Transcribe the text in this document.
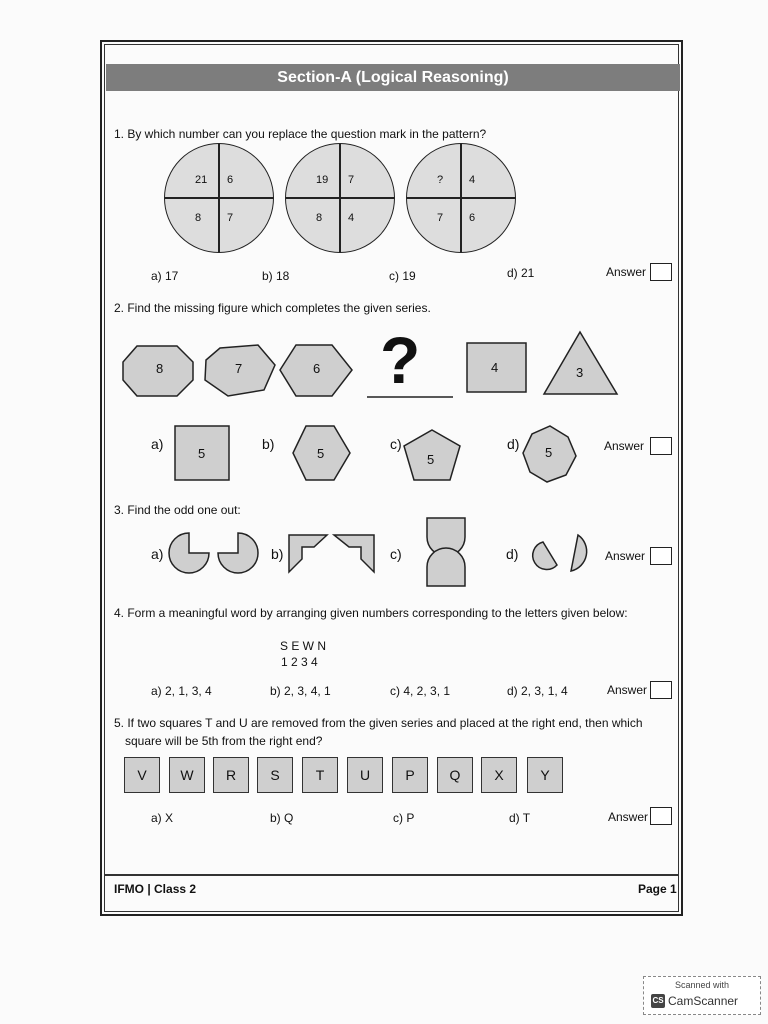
Section-A (Logical Reasoning)
1. By which number can you replace the question mark in the pattern?
21 6
8 7
19 7
8 4
? 4
7 6
a) 17	b) 18	c) 19	d) 21	Answer
2. Find the missing figure which completes the given series.
8	7	6 ?	4	3
a)	b)	c)	d)
5	5	5	5	Answer
3. Find the odd one out:
a)	b)	c)	d)	Answer
4. Form a meaningful word by arranging given numbers corresponding to the letters given below:
S E W N
1 2 3 4
a) 2, 1, 3, 4	b) 2, 3, 4, 1	c) 4, 2, 3, 1	d) 2, 3, 1, 4	Answer
5. If two squares T and U are removed from the given series and placed at the right end, then which
square will be 5th from the right end?
V	W	R	S	T	U	P	Q	X	Y
a) X	b) Q	c) P	d) T	Answer
IFMO | Class 2	Page 1
Scanned with
CS CamScanner
